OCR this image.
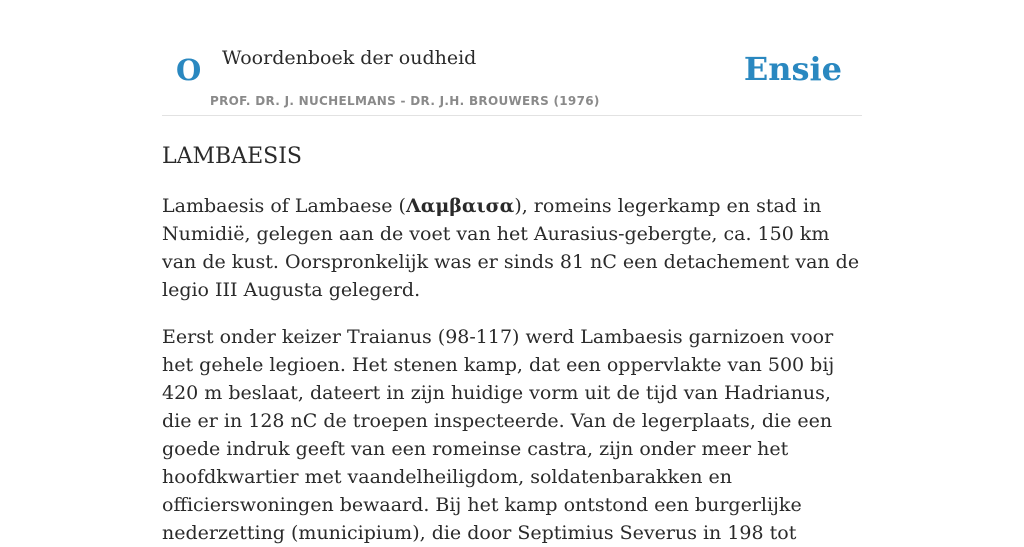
O Woordenboek der oudheid
PROF. DR. J. NUCHELMANS - DR. J.H. BROUWERS (1976)
Ensie
LAMBAESIS

Lambaesis of Lambaese (Λαμβαισα), romeins legerkamp en stad in Numidië, gelegen aan de voet van het Aurasius-gebergte, ca. 150 km van de kust. Oorspronkelijk was er sinds 81 nC een detachement van de legio III Augusta gelegerd.

Eerst onder keizer Traianus (98-117) werd Lambaesis garnizoen voor het gehele legioen. Het stenen kamp, dat een oppervlakte van 500 bij 420 m beslaat, dateert in zijn huidige vorm uit de tijd van Hadrianus, die er in 128 nC de troepen inspecteerde. Van de legerplaats, die een goede indruk geeft van een romeinse castra, zijn onder meer het hoofdkwartier met vaandelheiligdom, soldatenbarakken en officierswoningen bewaard. Bij het kamp ontstond een burgerlijke nederzetting (municipium), die door Septimius Severus in 198 tot
